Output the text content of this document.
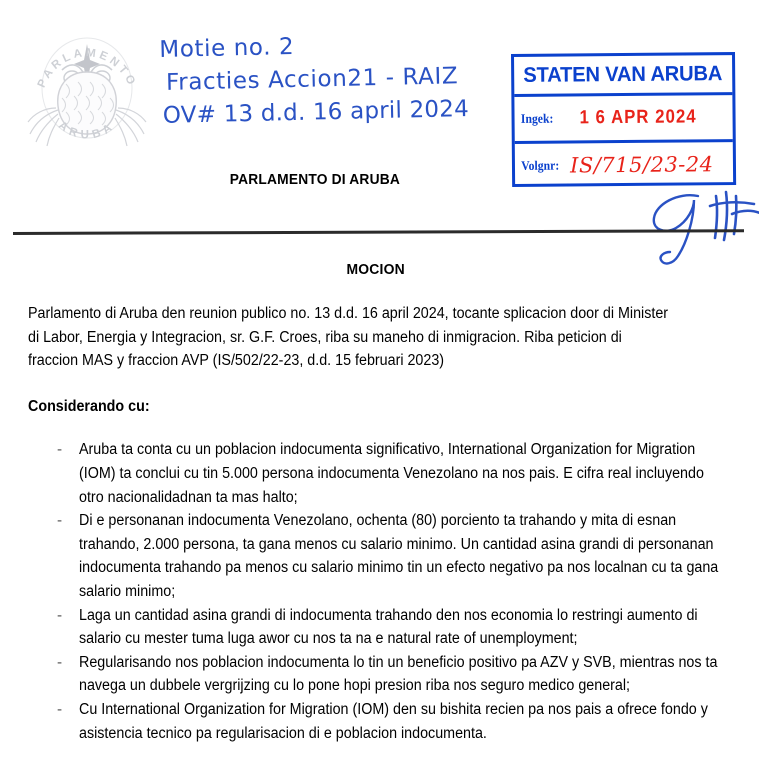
PARLAMENTO
ARUBA
Motie no. 2
Fracties Accion21 - RAIZ
OV# 13 d.d. 16 april 2024
STATEN VAN ARUBA
Ingek: 1 6 APR 2024
Volgnr: IS/715/23-24
PARLAMENTO DI ARUBA
MOCION

Parlamento di Aruba den reunion publico no. 13 d.d. 16 april 2024, tocante splicacion door di Minister di Labor, Energia y Integracion, sr. G.F. Croes, riba su maneho di inmigracion. Riba peticion di fraccion MAS y fraccion AVP (IS/502/22-23, d.d. 15 februari 2023)

Considerando cu:

- Aruba ta conta cu un poblacion indocumenta significativo, International Organization for Migration (IOM) ta conclui cu tin 5.000 persona indocumenta Venezolano na nos pais. E cifra real incluyendo otro nacionalidadnan ta mas halto;
- Di e personanan indocumenta Venezolano, ochenta (80) porciento ta trahando y mita di esnan trahando, 2.000 persona, ta gana menos cu salario minimo. Un cantidad asina grandi di personanan indocumenta trahando pa menos cu salario minimo tin un efecto negativo pa nos localnan cu ta gana salario minimo;
- Laga un cantidad asina grandi di indocumenta trahando den nos economia lo restringi aumento di salario cu mester tuma luga awor cu nos ta na e natural rate of unemployment;
- Regularisando nos poblacion indocumenta lo tin un beneficio positivo pa AZV y SVB, mientras nos ta navega un dubbele vergrijzing cu lo pone hopi presion riba nos seguro medico general;
- Cu International Organization for Migration (IOM) den su bishita recien pa nos pais a ofrece fondo y asistencia tecnico pa regularisacion di e poblacion indocumenta.
